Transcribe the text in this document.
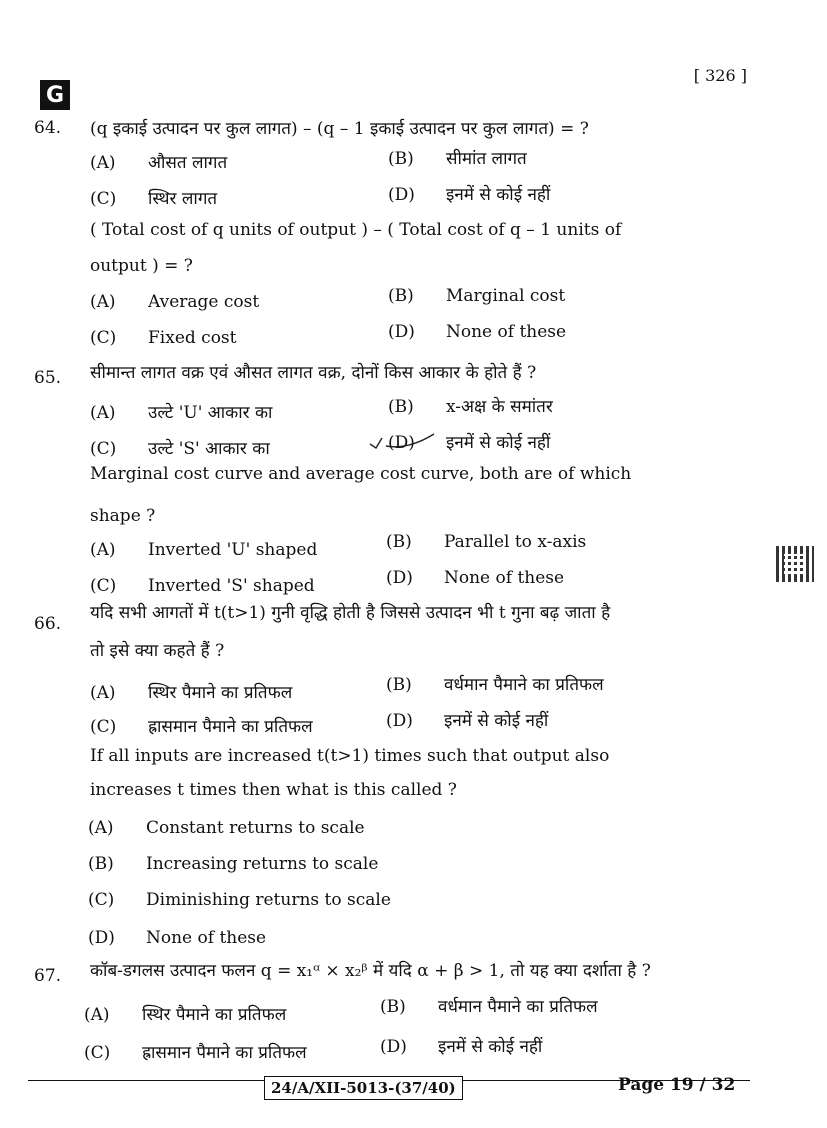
[ 326 ]
G
64. (q इकाई उत्पादन पर कुल लागत) – (q – 1 इकाई उत्पादन पर कुल लागत) = ?
(A) औसत लागत	(B) सीमांत लागत
(C) स्थिर लागत	(D) इनमें से कोई नहीं
( Total cost of q units of output ) – ( Total cost of q – 1 units of
output ) = ?
(A) Average cost	(B) Marginal cost
(C) Fixed cost	(D) None of these
65. सीमान्त लागत वक्र एवं औसत लागत वक्र, दोनों किस आकार के होते हैं ?
(A) उल्टे 'U' आकार का	(B) x-अक्ष के समांतर
(C) उल्टे 'S' आकार का	(D) इनमें से कोई नहीं
Marginal cost curve and average cost curve, both are of which
shape ?
(A) Inverted 'U' shaped	(B) Parallel to x-axis
(C) Inverted 'S' shaped	(D) None of these
66.
यदि सभी आगतों में t(t>1) गुनी वृद्धि होती है जिससे उत्पादन भी t गुना बढ़ जाता है
तो इसे क्या कहते हैं ?
(A) स्थिर पैमाने का प्रतिफल	(B) वर्धमान पैमाने का प्रतिफल
(C) ह्रासमान पैमाने का प्रतिफल	(D) इनमें से कोई नहीं
If all inputs are increased t(t>1) times such that output also
increases t times then what is this called ?
(A) Constant returns to scale
(B) Increasing returns to scale
(C) Diminishing returns to scale
(D) None of these
67. कॉब-डगलस उत्पादन फलन q = x₁ᵅ × x₂ᵝ में यदि α + β > 1, तो यह क्या दर्शाता है ?
(A) स्थिर पैमाने का प्रतिफल	(B) वर्धमान पैमाने का प्रतिफल
(C) ह्रासमान पैमाने का प्रतिफल	(D) इनमें से कोई नहीं
24/A/XII-5013-(37/40)	Page 19 / 32
